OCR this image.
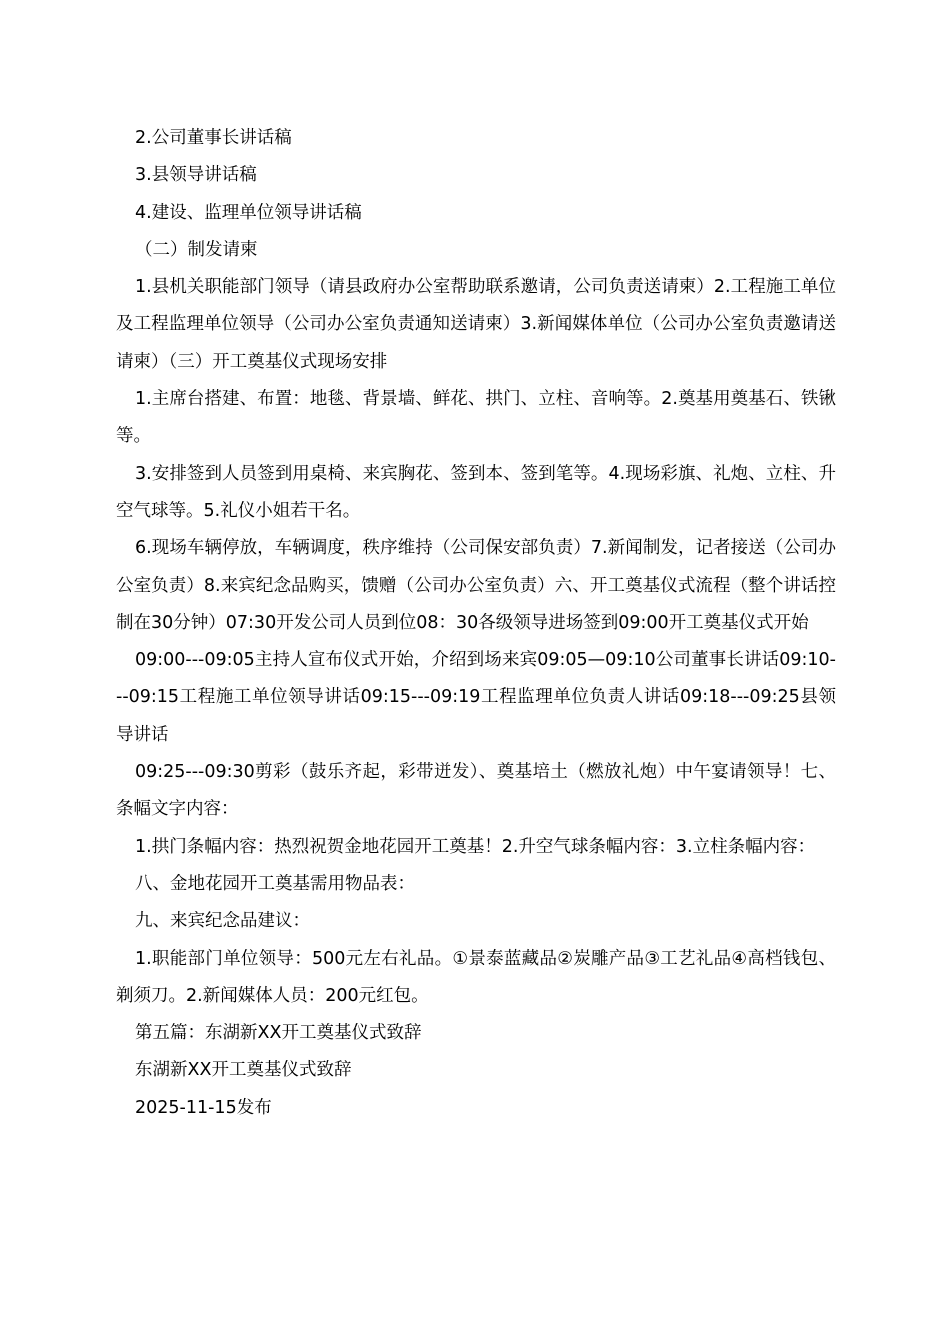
2.公司董事长讲话稿

3.县领导讲话稿

4.建设、监理单位领导讲话稿

（二）制发请柬

1.县机关职能部门领导（请县政府办公室帮助联系邀请，公司负责送请柬）2.工程施工单位及工程监理单位领导（公司办公室负责通知送请柬）3.新闻媒体单位（公司办公室负责邀请送请柬）（三）开工奠基仪式现场安排

1.主席台搭建、布置：地毯、背景墙、鲜花、拱门、立柱、音响等。2.奠基用奠基石、铁锹等。

3.安排签到人员签到用桌椅、来宾胸花、签到本、签到笔等。4.现场彩旗、礼炮、立柱、升空气球等。5.礼仪小姐若干名。

6.现场车辆停放，车辆调度，秩序维持（公司保安部负责）7.新闻制发，记者接送（公司办公室负责）8.来宾纪念品购买，馈赠（公司办公室负责）六、开工奠基仪式流程（整个讲话控制在30分钟）07:30开发公司人员到位08：30各级领导进场签到09:00开工奠基仪式开始

09:00---09:05主持人宣布仪式开始，介绍到场来宾09:05—09:10公司董事长讲话09:10---09:15工程施工单位领导讲话09:15---09:19工程监理单位负责人讲话09:18---09:25县领导讲话

09:25---09:30剪彩（鼓乐齐起，彩带迸发）、奠基培土（燃放礼炮）中午宴请领导！七、条幅文字内容：

1.拱门条幅内容：热烈祝贺金地花园开工奠基！2.升空气球条幅内容：3.立柱条幅内容：

八、金地花园开工奠基需用物品表：

九、来宾纪念品建议：

1.职能部门单位领导：500元左右礼品。①景泰蓝藏品②炭雕产品③工艺礼品④高档钱包、剃须刀。2.新闻媒体人员：200元红包。

第五篇：东湖新XX开工奠基仪式致辞

东湖新XX开工奠基仪式致辞

2025-11-15发布
